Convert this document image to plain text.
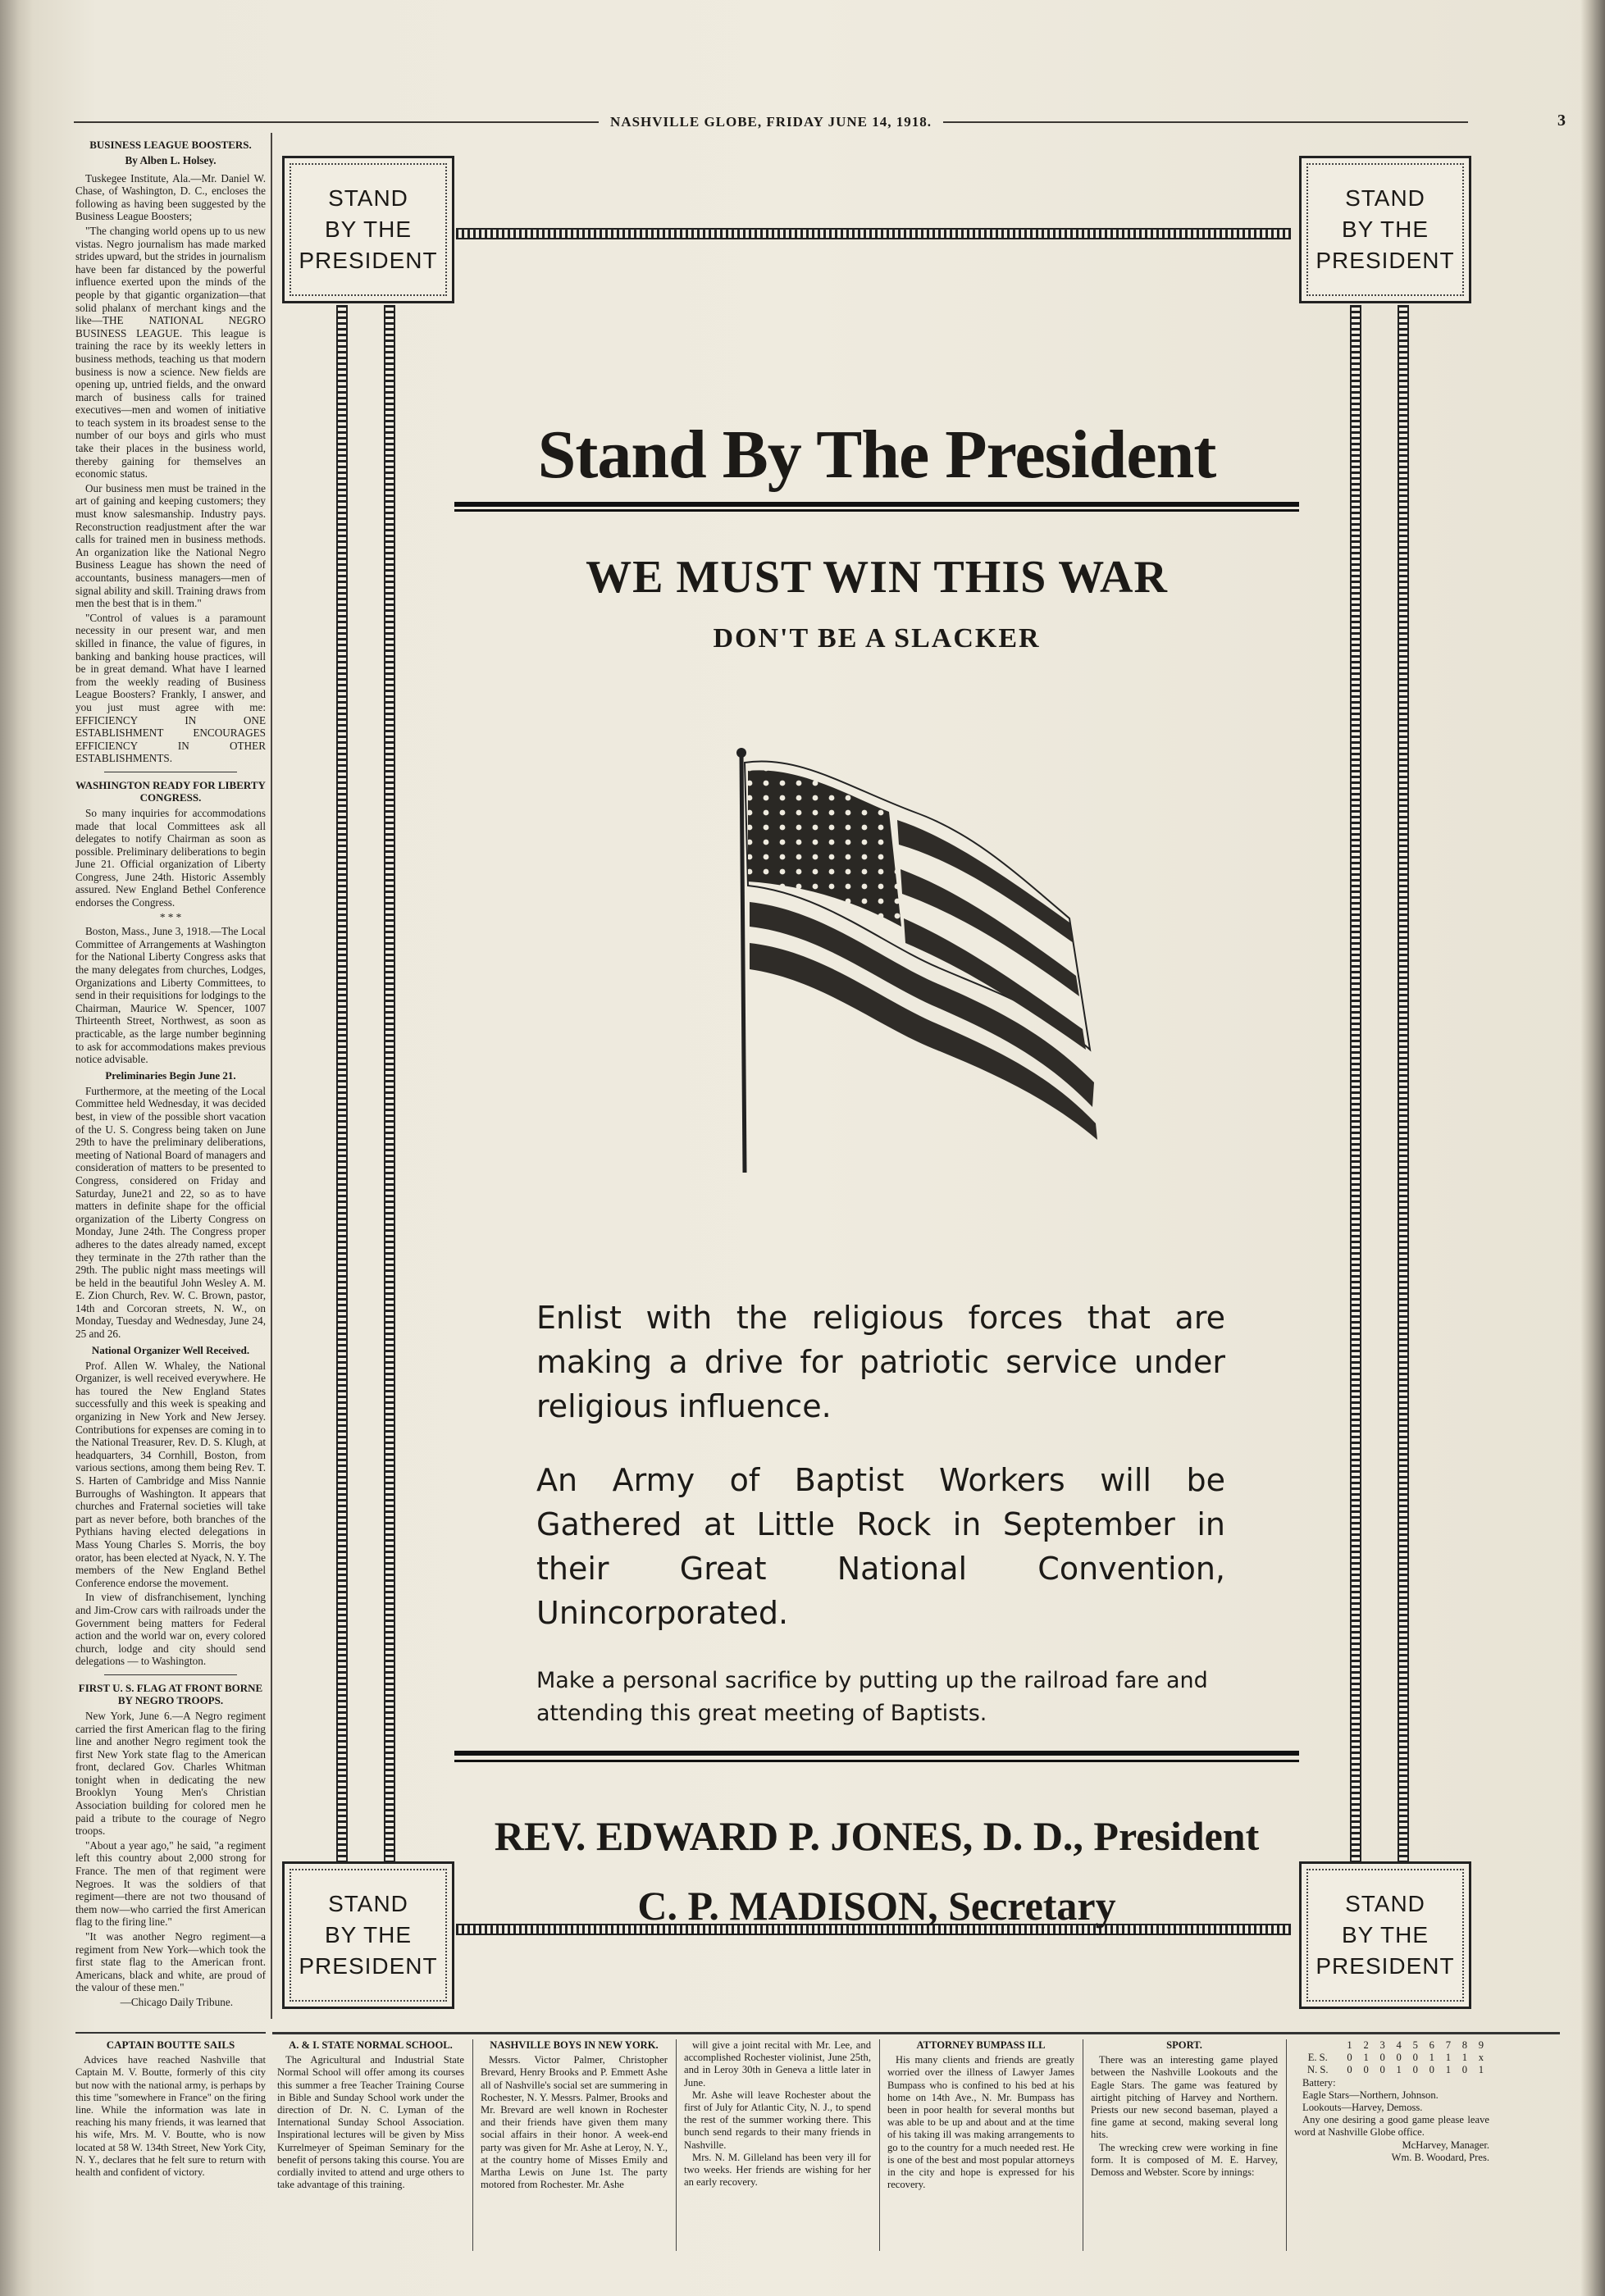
NASHVILLE GLOBE, FRIDAY JUNE 14, 1918.	3
BUSINESS LEAGUE BOOSTERS.
By Alben L. Holsey.

Tuskegee Institute, Ala.—Mr. Daniel W. Chase, of Washington, D. C., encloses the following as having been suggested by the Business League Boosters;

"The changing world opens up to us new vistas. Negro journalism has made marked strides upward, but the strides in journalism have been far distanced by the powerful influence exerted upon the minds of the people by that gigantic organization—that solid phalanx of merchant kings and the like—THE NATIONAL NEGRO BUSINESS LEAGUE. This league is training the race by its weekly letters in business methods, teaching us that modern business is now a science. New fields are opening up, untried fields, and the onward march of business calls for trained executives—men and women of initiative to teach system in its broadest sense to the number of our boys and girls who must take their places in the business world, thereby gaining for themselves an economic status.

Our business men must be trained in the art of gaining and keeping customers; they must know salesmanship. Industry pays. Reconstruction readjustment after the war calls for trained men in business methods. An organization like the National Negro Business League has shown the need of accountants, business managers—men of signal ability and skill. Training draws from men the best that is in them."

"Control of values is a paramount necessity in our present war, and men skilled in finance, the value of figures, in banking and banking house practices, will be in great demand. What have I learned from the weekly reading of Business League Boosters? Frankly, I answer, and you just must agree with me: EFFICIENCY IN ONE ESTABLISHMENT ENCOURAGES EFFICIENCY IN OTHER ESTABLISHMENTS.

WASHINGTON READY FOR LIBERTY CONGRESS.

So many inquiries for accommodations made that local Committees ask all delegates to notify Chairman as soon as possible. Preliminary deliberations to begin June 21. Official organization of Liberty Congress, June 24th. Historic Assembly assured. New England Bethel Conference endorses the Congress.

* * *

Boston, Mass., June 3, 1918.—The Local Committee of Arrangements at Washington for the National Liberty Congress asks that the many delegates from churches, Lodges, Organizations and Liberty Committees, to send in their requisitions for lodgings to the Chairman, Maurice W. Spencer, 1007 Thirteenth Street, Northwest, as soon as practicable, as the large number beginning to ask for accommodations makes previous notice advisable.

Preliminaries Begin June 21.

Furthermore, at the meeting of the Local Committee held Wednesday, it was decided best, in view of the possible short vacation of the U. S. Congress being taken on June 29th to have the preliminary deliberations, meeting of National Board of managers and consideration of matters to be presented to Congress, considered on Friday and Saturday, June21 and 22, so as to have matters in definite shape for the official organization of the Liberty Congress on Monday, June 24th. The Congress proper adheres to the dates already named, except they terminate in the 27th rather than the 29th. The public night mass meetings will be held in the beautiful John Wesley A. M. E. Zion Church, Rev. W. C. Brown, pastor, 14th and Corcoran streets, N. W., on Monday, Tuesday and Wednesday, June 24, 25 and 26.

National Organizer Well Received.

Prof. Allen W. Whaley, the National Organizer, is well received everywhere. He has toured the New England States successfully and this week is speaking and organizing in New York and New Jersey. Contributions for expenses are coming in to the National Treasurer, Rev. D. S. Klugh, at headquarters, 34 Cornhill, Boston, from various sections, among them being Rev. T. S. Harten of Cambridge and Miss Nannie Burroughs of Washington. It appears that churches and Fraternal societies will take part as never before, both branches of the Pythians having elected delegations in Mass Young Charles S. Morris, the boy orator, has been elected at Nyack, N. Y. The members of the New England Bethel Conference endorse the movement.

In view of disfranchisement, lynching and Jim-Crow cars with railroads under the Government being matters for Federal action and the world war on, every colored church, lodge and city should send delegations — to Washington.

FIRST U. S. FLAG AT FRONT BORNE BY NEGRO TROOPS.

New York, June 6.—A Negro regiment carried the first American flag to the firing line and another Negro regiment took the first New York state flag to the American front, declared Gov. Charles Whitman tonight when in dedicating the new Brooklyn Young Men's Christian Association building for colored men he paid a tribute to the courage of Negro troops.

"About a year ago," he said, "a regiment left this country about 2,000 strong for France. The men of that regiment were Negroes. It was the soldiers of that regiment—there are not two thousand of them now—who carried the first American flag to the firing line."

"It was another Negro regiment—a regiment from New York—which took the first state flag to the American front. Americans, black and white, are proud of the valour of these men."

—Chicago Daily Tribune.
STAND
BY THE
PRESIDENT
STAND
BY THE
PRESIDENT
STAND
BY THE
PRESIDENT
STAND
BY THE
PRESIDENT
Stand By The President
WE MUST WIN THIS WAR
DON'T BE A SLACKER
Enlist with the religious forces that are making a drive for patriotic service under religious influence.
An Army of Baptist Workers will be Gathered at Little Rock in September in their Great National Convention, Unincorporated.
Make a personal sacrifice by putting up the railroad fare and attending this great meeting of Baptists.
REV. EDWARD P. JONES, D. D., President
C. P. MADISON, Secretary
CAPTAIN BOUTTE SAILS

Advices have reached Nashville that Captain M. V. Boutte, formerly of this city but now with the national army, is perhaps by this time "somewhere in France" on the firing line. While the information was late in reaching his many friends, it was learned that his wife, Mrs. M. V. Boutte, who is now located at 58 W. 134th Street, New York City, N. Y., declares that he felt sure to return with health and confident of victory.

A. & I. STATE NORMAL SCHOOL.

The Agricultural and Industrial State Normal School will offer among its courses this summer a free Teacher Training Course in Bible and Sunday School work under the direction of Dr. N. C. Lyman of the International Sunday School Association. Inspirational lectures will be given by Miss Kurrelmeyer of Speiman Seminary for the benefit of persons taking this course. You are cordially invited to attend and urge others to take advantage of this training.

NASHVILLE BOYS IN NEW YORK.

Messrs. Victor Palmer, Christopher Brevard, Henry Brooks and P. Emmett Ashe all of Nashville's social set are summering in Rochester, N. Y. Messrs. Palmer, Brooks and Mr. Brevard are well known in Rochester and their friends have given them many social affairs in their honor. A week-end party was given for Mr. Ashe at Leroy, N. Y., at the country home of Misses Emily and Martha Lewis on June 1st. The party motored from Rochester. Mr. Ashe

will give a joint recital with Mr. Lee, and accomplished Rochester violinist, June 25th, and in Leroy 30th in Geneva a little later in June.

Mr. Ashe will leave Rochester about the first of July for Atlantic City, N. J., to spend the rest of the summer working there. This bunch send regards to their many friends in Nashville.

Mrs. N. M. Gilleland has been very ill for two weeks. Her friends are wishing for her an early recovery.

ATTORNEY BUMPASS ILL

His many clients and friends are greatly worried over the illness of Lawyer James Bumpass who is confined to his bed at his home on 14th Ave., N. Mr. Bumpass has been in poor health for several months but was able to be up and about and at the time of his taking ill was making arrangements to go to the country for a much needed rest. He is one of the best and most popular attorneys in the city and hope is expressed for his recovery.

SPORT.

There was an interesting game played between the Nashville Lookouts and the Eagle Stars. The game was featured by airtight pitching of Harvey and Northern. Priests our new second baseman, played a fine game at second, making several long hits.

The wrecking crew were working in fine form. It is composed of M. E. Harvey, Demoss and Webster. Score by innings:

	1	2	3	4	5	6	7	8	9
E. S.	0	1	0	0	0	1	1	1	x
N. S.	0	0	0	1	0	0	1	0	1

Battery:

Eagle Stars—Northern, Johnson.

Lookouts—Harvey, Demoss.

Any one desiring a good game please leave word at Nashville Globe office.

McHarvey, Manager.

Wm. B. Woodard, Pres.
